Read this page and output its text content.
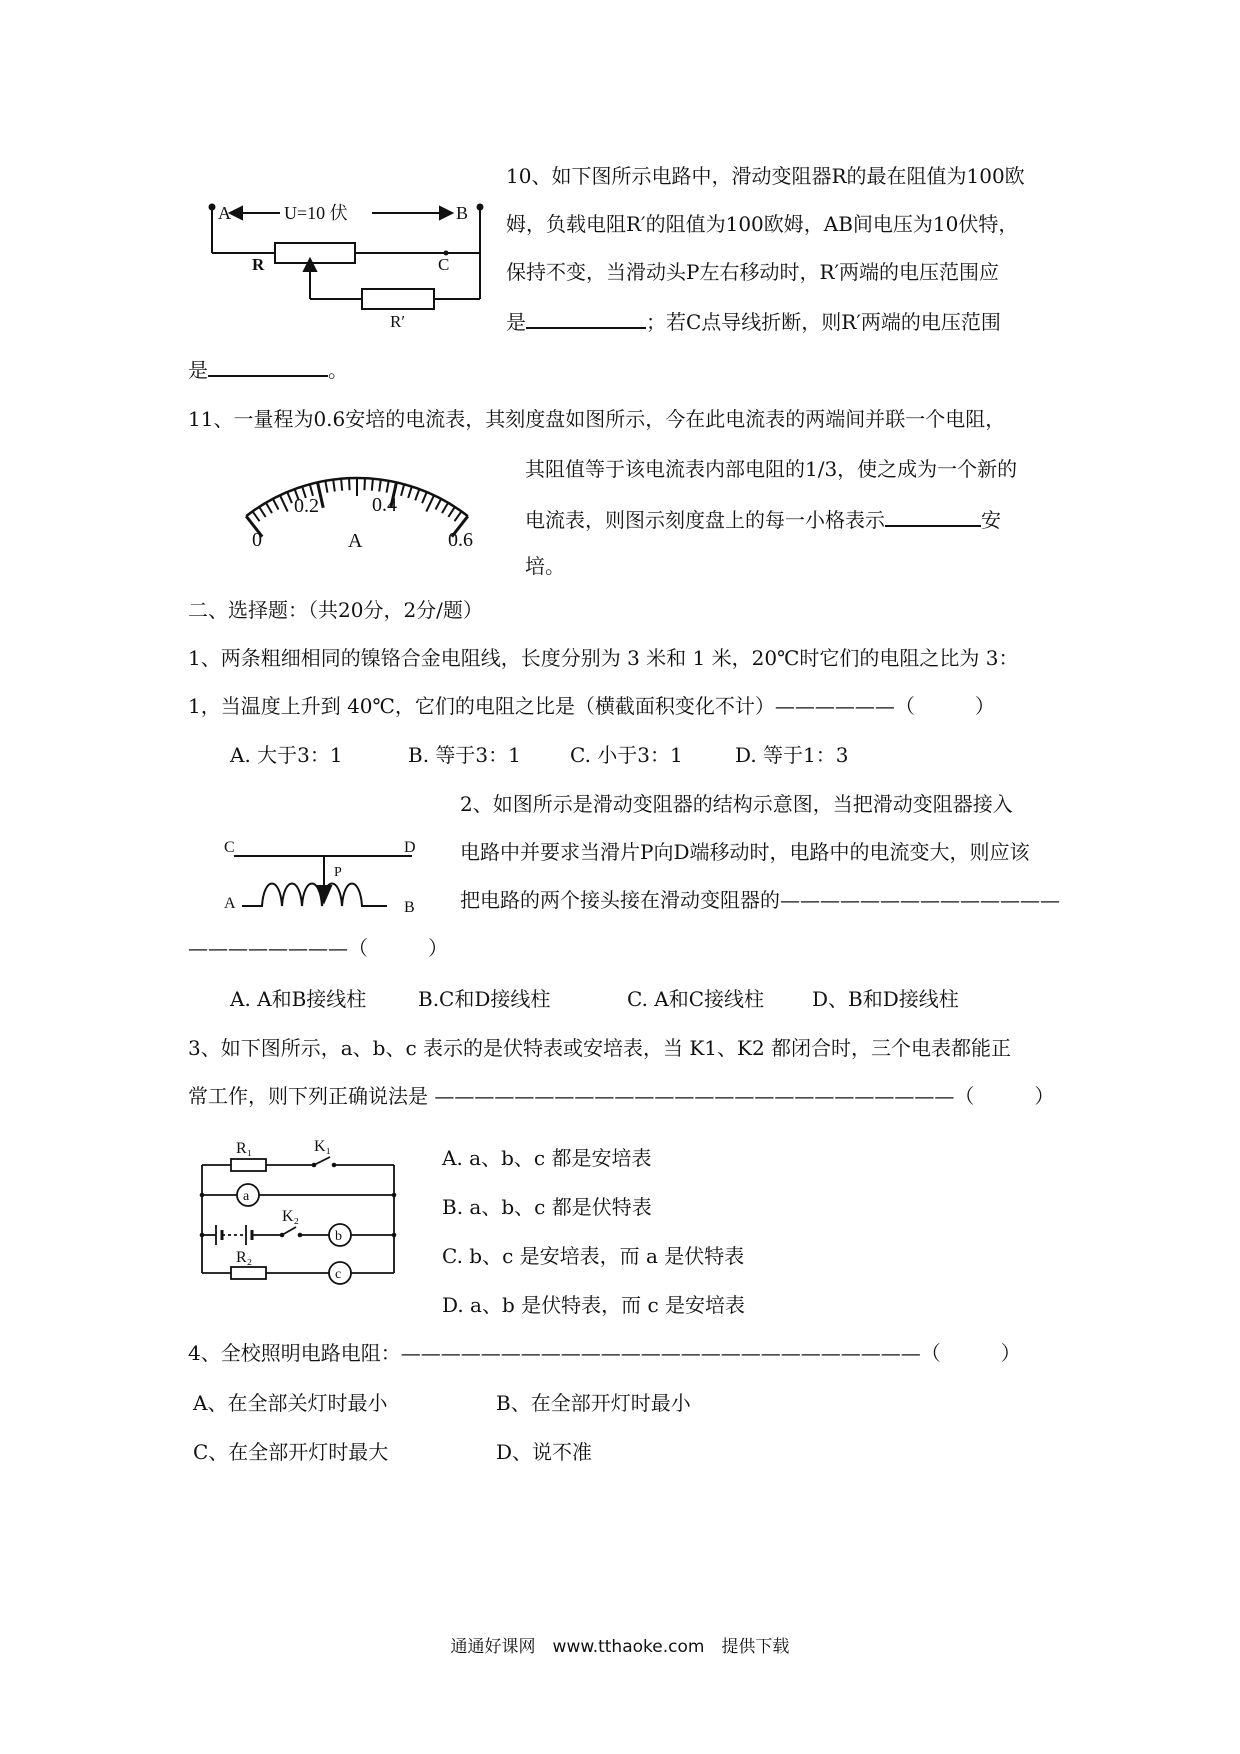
10、如下图所示电路中，滑动变阻器R的最在阻值为100欧
姆，负载电阻R′的阻值为100欧姆，AB间电压为10伏特，
保持不变，当滑动头P左右移动时，R′两端的电压范围应
是	；若C点导线折断，则R′两端的电压范围
是	。
A	B
U=10 伏
R	C
R′
11、一量程为0.6安培的电流表，其刻度盘如图所示，今在此电流表的两端间并联一个电阻，
其阻值等于该电流表内部电阻的1/3，使之成为一个新的
电流表，则图示刻度盘上的每一小格表示	安
培。
0
0.2	0.4
0.6
A
二、选择题：（共20分，2分/题）
1、两条粗细相同的镍铬合金电阻线，长度分别为 3 米和 1 米，20℃时它们的电阻之比为 3：
1，当温度上升到 40℃，它们的电阻之比是（横截面积变化不计）——————（　　　）
A. 大于3：1	B. 等于3：1 C. 小于3：1	D. 等于1：3
2、如图所示是滑动变阻器的结构示意图，当把滑动变阻器接入
电路中并要求当滑片P向D端移动时，电路中的电流变大，则应该
把电路的两个接头接在滑动变阻器的——————————————
————————（　　　）
C	D
P
A	B
A. A和B接线柱	B.C和D接线柱	C. A和C接线柱 D、B和D接线柱
3、如下图所示，a、b、c 表示的是伏特表或安培表，当 K1、K2 都闭合时，三个电表都能正
常工作，则下列正确说法是 ——————————————————————————（　　　）
R₁	K₁
a
K₂
b
R₂
c
A. a、b、c 都是安培表
B. a、b、c 都是伏特表
C. b、c 是安培表，而 a 是伏特表
D. a、b 是伏特表，而 c 是安培表
4、全校照明电路电阻：——————————————————————————（　　　）
A、在全部关灯时最小	B、在全部开灯时最小
C、在全部开灯时最大	D、说不准
通通好课网　www.tthaoke.com　提供下载
